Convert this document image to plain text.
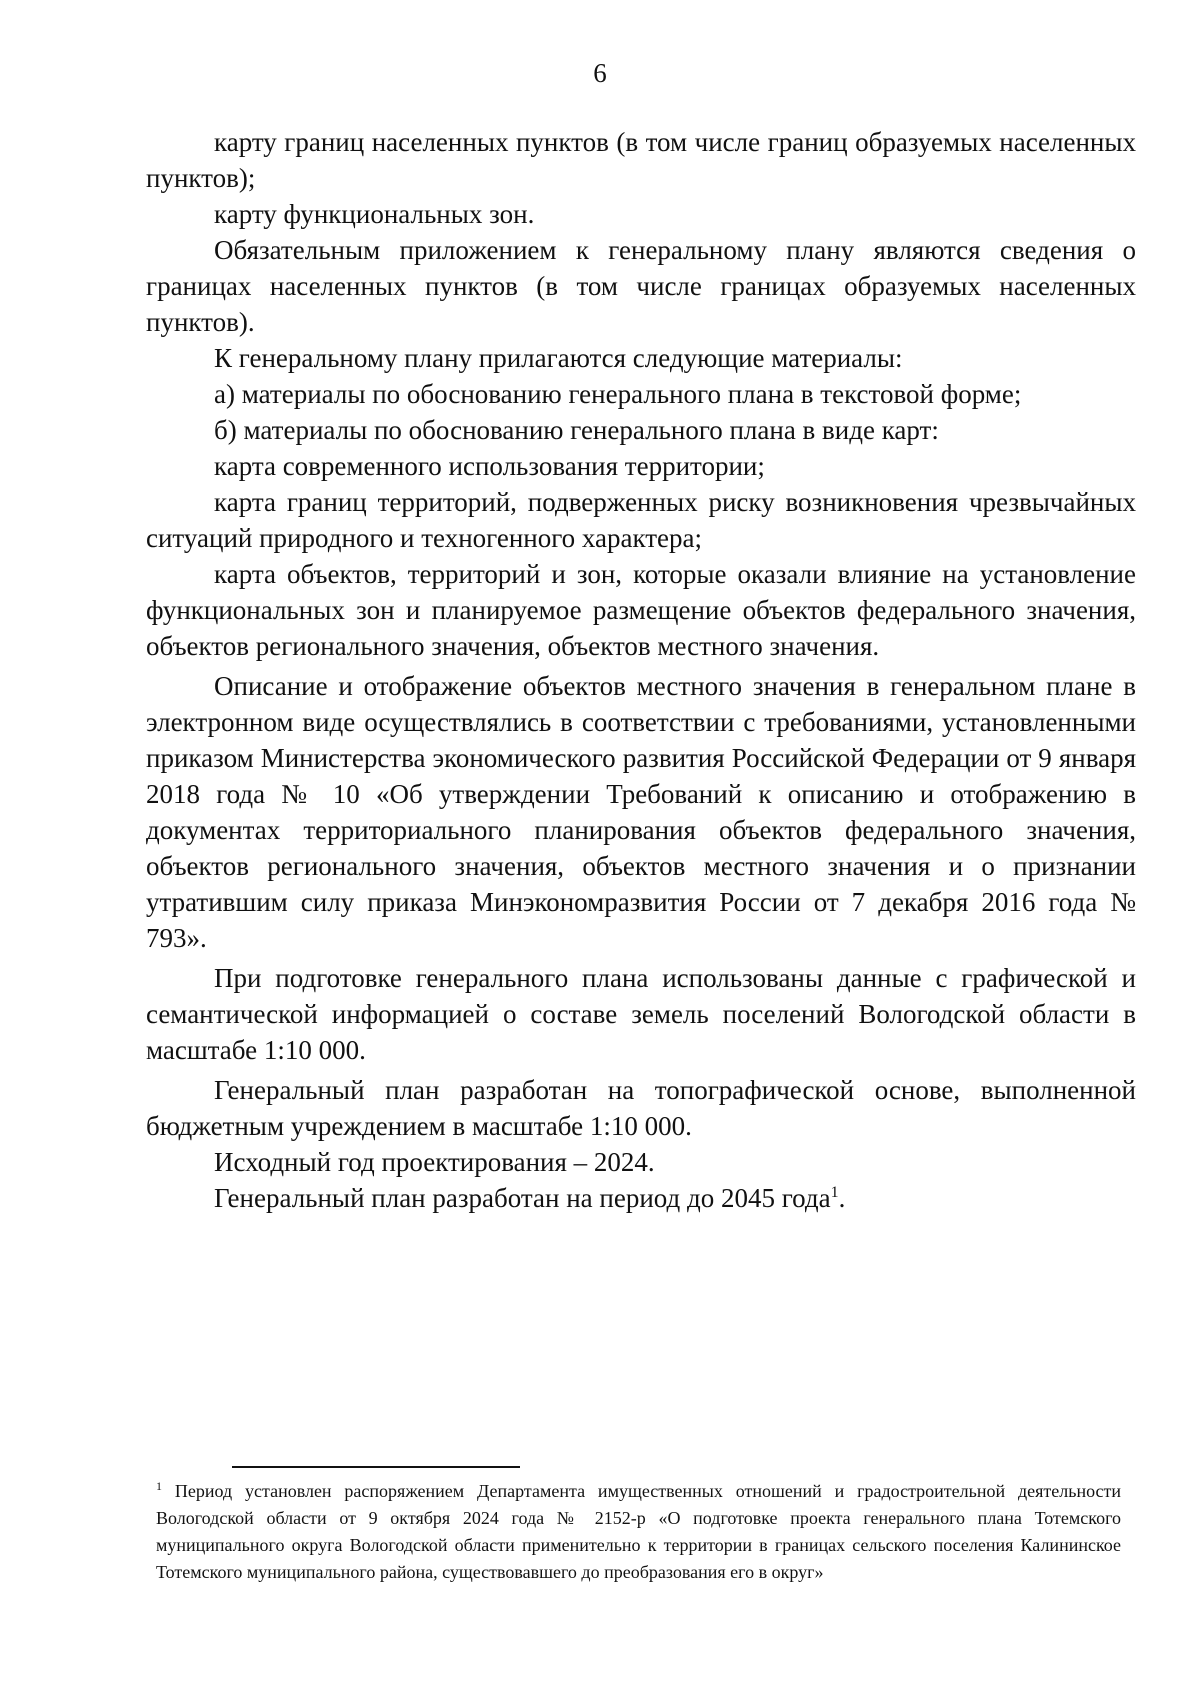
6

карту границ населенных пунктов (в том числе границ образуемых населенных пунктов);

карту функциональных зон.

Обязательным приложением к генеральному плану являются сведения о границах населенных пунктов (в том числе границах образуемых населенных пунктов).

К генеральному плану прилагаются следующие материалы:

а) материалы по обоснованию генерального плана в текстовой форме;

б) материалы по обоснованию генерального плана в виде карт:

карта современного использования территории;

карта границ территорий, подверженных риску возникновения чрезвычайных ситуаций природного и техногенного характера;

карта объектов, территорий и зон, которые оказали влияние на установление функциональных зон и планируемое размещение объектов федерального значения, объектов регионального значения, объектов местного значения.

Описание и отображение объектов местного значения в генеральном плане в электронном виде осуществлялись в соответствии с требованиями, установленными приказом Министерства экономического развития Российской Федерации от 9 января 2018 года № 10 «Об утверждении Требований к описанию и отображению в документах территориального планирования объектов федерального значения, объектов регионального значения, объектов местного значения и о признании утратившим силу приказа Минэкономразвития России от 7 декабря 2016 года № 793».

При подготовке генерального плана использованы данные с графической и семантической информацией о составе земель поселений Вологодской области в масштабе 1:10 000.

Генеральный план разработан на топографической основе, выполненной бюджетным учреждением в масштабе 1:10 000.

Исходный год проектирования – 2024.

Генеральный план разработан на период до 2045 года$^1$.

$^1$ Период установлен распоряжением Департамента имущественных отношений и градостроительной деятельности Вологодской области от 9 октября 2024 года № 2152-р «О подготовке проекта генерального плана Тотемского муниципального округа Вологодской области применительно к территории в границах сельского поселения Калининское Тотемского муниципального района, существовавшего до преобразования его в округ»
